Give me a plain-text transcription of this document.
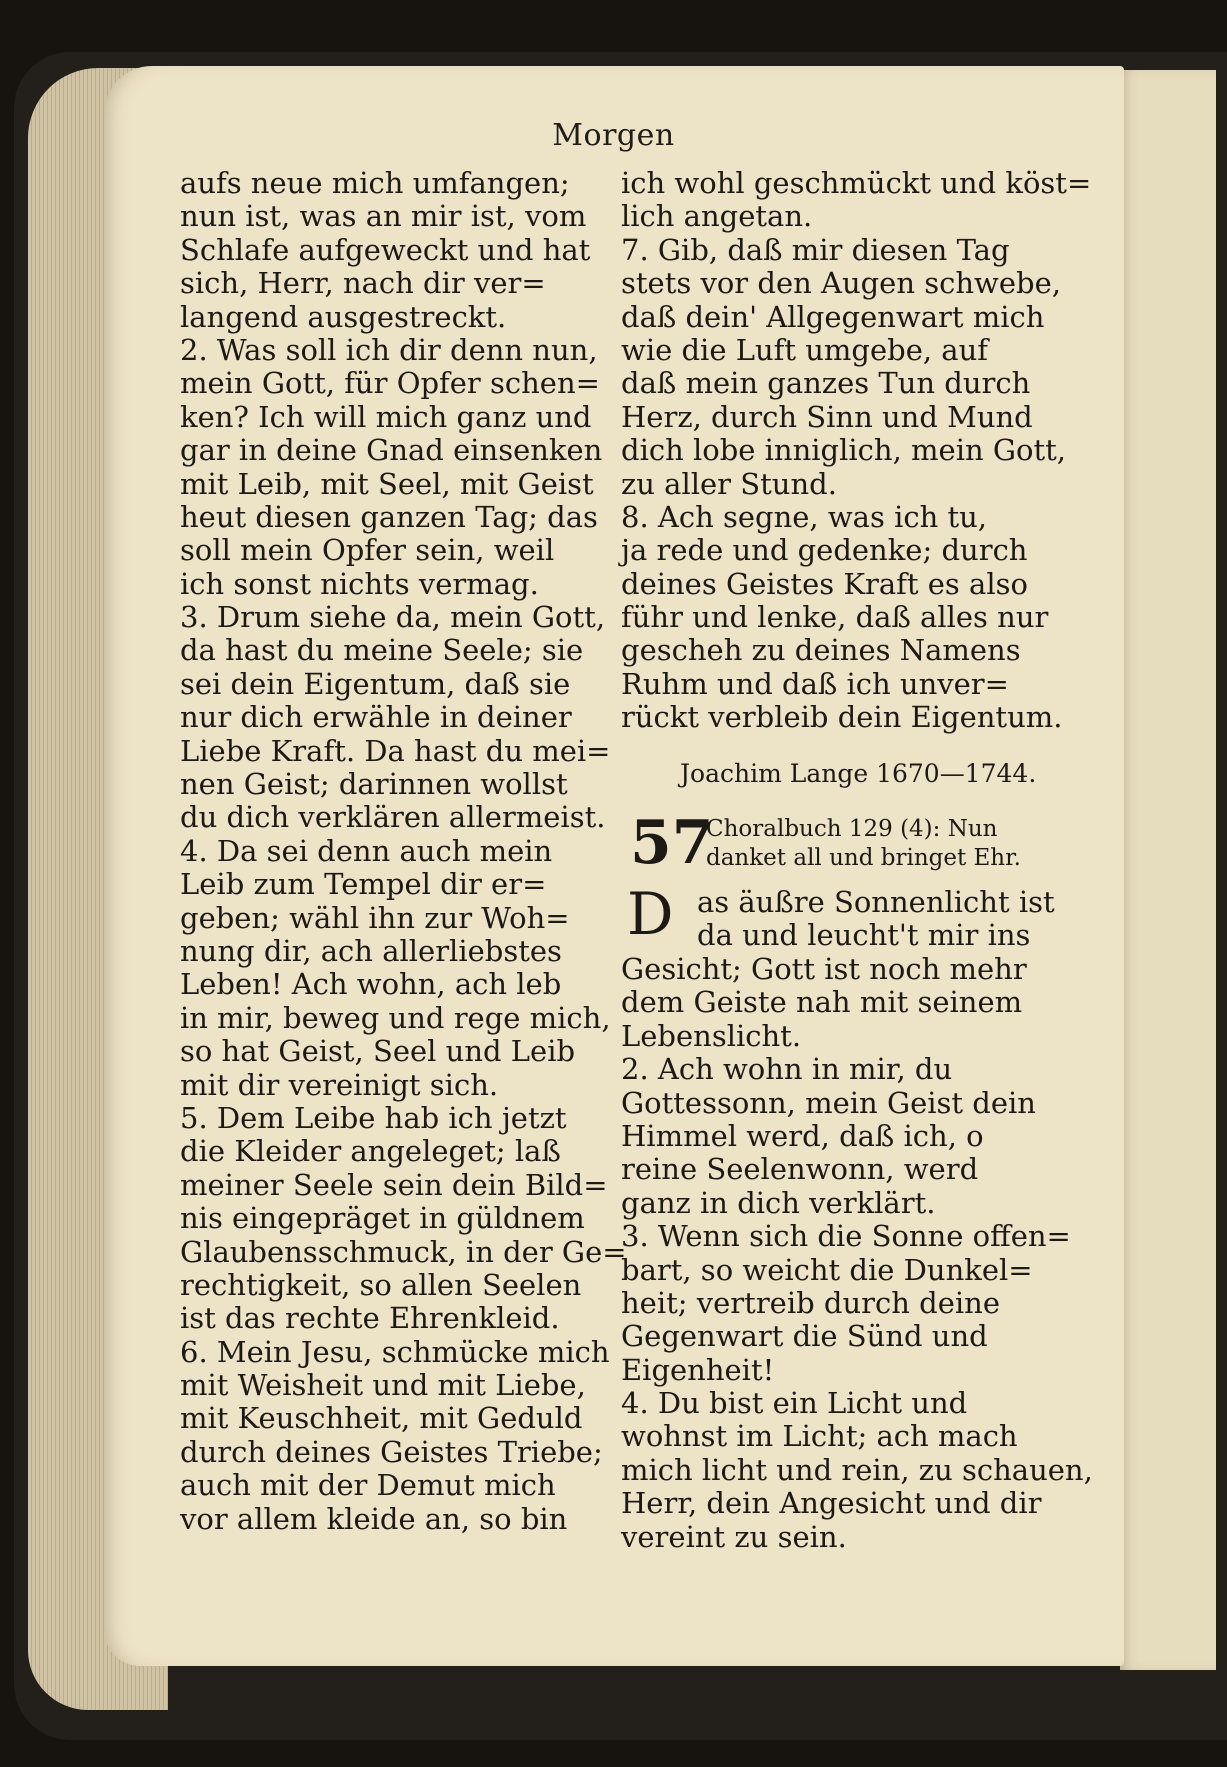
Morgen
aufs neue mich umfangen;
nun ist, was an mir ist, vom
Schlafe aufgeweckt und hat
sich, Herr, nach dir ver=
langend ausgestreckt.
2. Was soll ich dir denn nun,
mein Gott, für Opfer schen=
ken? Ich will mich ganz und
gar in deine Gnad einsenken
mit Leib, mit Seel, mit Geist
heut diesen ganzen Tag; das
soll mein Opfer sein, weil
ich sonst nichts vermag.
3. Drum siehe da, mein Gott,
da hast du meine Seele; sie
sei dein Eigentum, daß sie
nur dich erwähle in deiner
Liebe Kraft. Da hast du mei=
nen Geist; darinnen wollst
du dich verklären allermeist.
4. Da sei denn auch mein
Leib zum Tempel dir er=
geben; wähl ihn zur Woh=
nung dir, ach allerliebstes
Leben! Ach wohn, ach leb
in mir, beweg und rege mich,
so hat Geist, Seel und Leib
mit dir vereinigt sich.
5. Dem Leibe hab ich jetzt
die Kleider angeleget; laß
meiner Seele sein dein Bild=
nis eingepräget in güldnem
Glaubensschmuck, in der Ge=
rechtigkeit, so allen Seelen
ist das rechte Ehrenkleid.
6. Mein Jesu, schmücke mich
mit Weisheit und mit Liebe,
mit Keuschheit, mit Geduld
durch deines Geistes Triebe;
auch mit der Demut mich
vor allem kleide an, so bin
ich wohl geschmückt und köst=
lich angetan.
7. Gib, daß mir diesen Tag
stets vor den Augen schwebe,
daß dein' Allgegenwart mich
wie die Luft umgebe, auf
daß mein ganzes Tun durch
Herz, durch Sinn und Mund
dich lobe inniglich, mein Gott,
zu aller Stund.
8. Ach segne, was ich tu,
ja rede und gedenke; durch
deines Geistes Kraft es also
führ und lenke, daß alles nur
gescheh zu deines Namens
Ruhm und daß ich unver=
rückt verbleib dein Eigentum.
Joachim Lange 1670—1744.
57
Choralbuch 129 (4): Nun
danket all und bringet Ehr.
D as äußre Sonnenlicht ist
da und leucht't mir ins
Gesicht; Gott ist noch mehr
dem Geiste nah mit seinem
Lebenslicht.
2. Ach wohn in mir, du
Gottessonn, mein Geist dein
Himmel werd, daß ich, o
reine Seelenwonn, werd
ganz in dich verklärt.
3. Wenn sich die Sonne offen=
bart, so weicht die Dunkel=
heit; vertreib durch deine
Gegenwart die Sünd und
Eigenheit!
4. Du bist ein Licht und
wohnst im Licht; ach mach
mich licht und rein, zu schauen,
Herr, dein Angesicht und dir
vereint zu sein.
